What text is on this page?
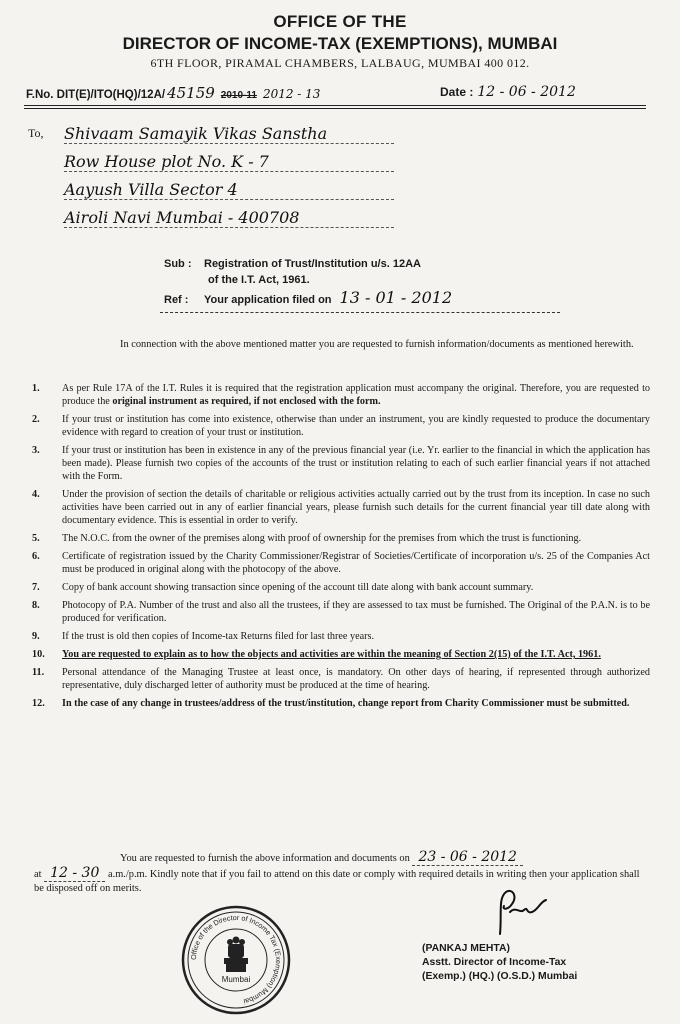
OFFICE OF THE
DIRECTOR OF INCOME-TAX (EXEMPTIONS), MUMBAI
6TH FLOOR, PIRAMAL CHAMBERS, LALBAUG, MUMBAI 400 012.
F.No. DIT(E)/ITO(HQ)/12A/ 45159 2010-11 2012 - 13	Date : 12 - 06 - 2012
To, Shivaam Samayik Vikas Sanstha
Row House plot No. K - 7
Aayush Villa Sector 4
Airoli Navi Mumbai - 400708
Sub : Registration of Trust/Institution u/s. 12AA
of the I.T. Act, 1961.
Ref : Your application filed on 13 - 01 - 2012
In connection with the above mentioned matter you are requested to furnish information/documents as mentioned herewith.
1. As per Rule 17A of the I.T. Rules it is required that the registration application must accompany the original. Therefore, you are requested to produce the original instrument as required, if not enclosed with the form.
2. If your trust or institution has come into existence, otherwise than under an instrument, you are kindly requested to produce the documentary evidence with regard to creation of your trust or institution.
3. If your trust or institution has been in existence in any of the previous financial year (i.e. Yr. earlier to the financial in which the application has been made). Please furnish two copies of the accounts of the trust or institution relating to each of such earlier financial years if not attached with the Form.
4. Under the provision of section the details of charitable or religious activities actually carried out by the trust from its inception. In case no such activities have been carried out in any of earlier financial years, please furnish such details for the current financial year till date along with documentary evidence. This is essential in order to verify.
5. The N.O.C. from the owner of the premises along with proof of ownership for the premises from which the trust is functioning.
6. Certificate of registration issued by the Charity Commissioner/Registrar of Societies/Certificate of incorporation u/s. 25 of the Companies Act must be produced in original along with the photocopy of the above.
7. Copy of bank account showing transaction since opening of the account till date along with bank account summary.
8. Photocopy of P.A. Number of the trust and also all the trustees, if they are assessed to tax must be furnished. The Original of the P.A.N. is to be produced for verification.
9. If the trust is old then copies of Income-tax Returns filed for last three years.
10. You are requested to explain as to how the objects and activities are within the meaning of Section 2(15) of the I.T. Act, 1961.
11. Personal attendance of the Managing Trustee at least once, is mandatory. On other days of hearing, if represented through authorized representative, duly discharged letter of authority must be produced at the time of hearing.
12. In the case of any change in trustees/address of the trust/institution, change report from Charity Commissioner must be submitted.
You are requested to furnish the above information and documents on 23 - 06 - 2012
at 12 - 30 a.m./p.m. Kindly note that if you fail to attend on this date or comply with required details in writing then your application shall be disposed off on merits.
Office of the Director of Income Tax (Exemption) Mumbai
Mumbai
(PANKAJ MEHTA)
Asstt. Director of Income-Tax
(Exemp.) (HQ.) (O.S.D.) Mumbai
